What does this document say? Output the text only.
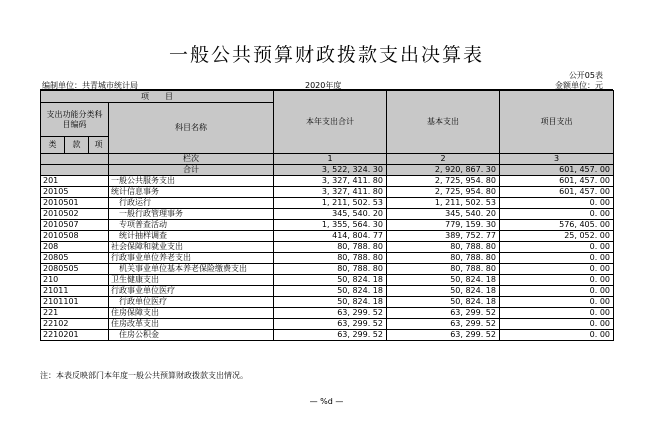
一般公共预算财政拨款支出决算表
公开05表
编制单位：共青城市统计局	2020年度	金额单位：元
项　　目				本年支出合计	基本支出	项目支出
支出功能分类科目编码			科目名称			

类	款	项				
			栏次	1	2	3
			合计	3, 522, 324. 30	2, 920, 867. 30	601, 457. 00
201			一般公共服务支出	3, 327, 411. 80	2, 725, 954. 80	601, 457. 00
20105			统计信息事务	3, 327, 411. 80	2, 725, 954. 80	601, 457. 00
2010501			行政运行	1, 211, 502. 53	1, 211, 502. 53	0. 00
2010502			一般行政管理事务	345, 540. 20	345, 540. 20	0. 00
2010507			专项普查活动	1, 355, 564. 30	779, 159. 30	576, 405. 00
2010508			统计抽样调查	414, 804. 77	389, 752. 77	25, 052. 00
208			社会保障和就业支出	80, 788. 80	80, 788. 80	0. 00
20805			行政事业单位养老支出	80, 788. 80	80, 788. 80	0. 00
2080505			机关事业单位基本养老保险缴费支出	80, 788. 80	80, 788. 80	0. 00
210			卫生健康支出	50, 824. 18	50, 824. 18	0. 00
21011			行政事业单位医疗	50, 824. 18	50, 824. 18	0. 00
2101101			行政单位医疗	50, 824. 18	50, 824. 18	0. 00
221			住房保障支出	63, 299. 52	63, 299. 52	0. 00
22102			住房改革支出	63, 299. 52	63, 299. 52	0. 00
2210201			住房公积金	63, 299. 52	63, 299. 52	0. 00
注：本表反映部门本年度一般公共预算财政拨款支出情况。
— %d —
